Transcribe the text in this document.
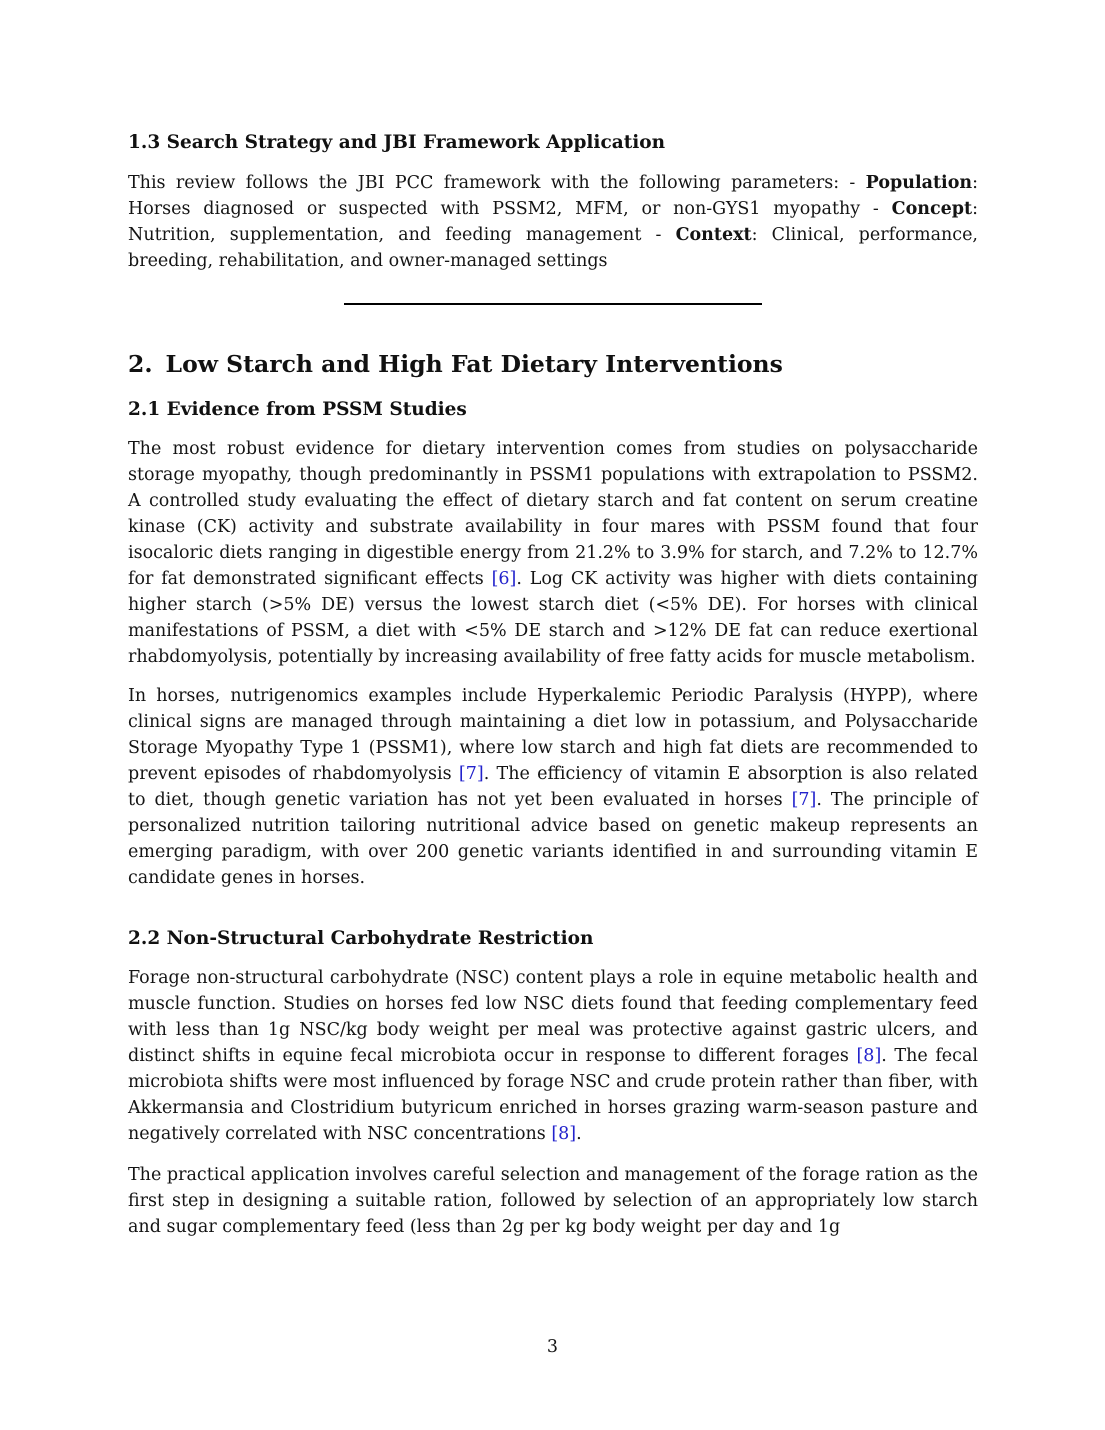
1.3 Search Strategy and JBI Framework Application

This review follows the JBI PCC framework with the following parameters: - Population: Horses diagnosed or suspected with PSSM2, MFM, or non-GYS1 myopathy - Concept: Nutrition, supplementation, and feeding management - Context: Clinical, performance, breeding, rehabilitation, and owner-managed settings

2. Low Starch and High Fat Dietary Interventions
2.1 Evidence from PSSM Studies

The most robust evidence for dietary intervention comes from studies on polysaccharide storage myopathy, though predominantly in PSSM1 populations with extrapolation to PSSM2. A controlled study evaluating the effect of dietary starch and fat content on serum creatine kinase (CK) activity and substrate availability in four mares with PSSM found that four isocaloric diets ranging in digestible energy from 21.2% to 3.9% for starch, and 7.2% to 12.7% for fat demonstrated significant effects [6]. Log CK activity was higher with diets containing higher starch (>5% DE) versus the lowest starch diet (<5% DE). For horses with clinical manifestations of PSSM, a diet with <5% DE starch and >12% DE fat can reduce exertional rhabdomyolysis, potentially by increasing availability of free fatty acids for muscle metabolism.

In horses, nutrigenomics examples include Hyperkalemic Periodic Paralysis (HYPP), where clinical signs are managed through maintaining a diet low in potassium, and Polysaccharide Storage Myopathy Type 1 (PSSM1), where low starch and high fat diets are recommended to prevent episodes of rhabdomyolysis [7]. The efficiency of vitamin E absorption is also related to diet, though genetic variation has not yet been evaluated in horses [7]. The principle of personalized nutrition tailoring nutritional advice based on genetic makeup represents an emerging paradigm, with over 200 genetic variants identified in and surrounding vitamin E candidate genes in horses.

2.2 Non-Structural Carbohydrate Restriction

Forage non-structural carbohydrate (NSC) content plays a role in equine metabolic health and muscle function. Studies on horses fed low NSC diets found that feeding complementary feed with less than 1g NSC/kg body weight per meal was protective against gastric ulcers, and distinct shifts in equine fecal microbiota occur in response to different forages [8]. The fecal microbiota shifts were most influenced by forage NSC and crude protein rather than fiber, with Akkermansia and Clostridium butyricum enriched in horses grazing warm-season pasture and negatively correlated with NSC concentrations [8].

The practical application involves careful selection and management of the forage ration as the first step in designing a suitable ration, followed by selection of an appropriately low starch and sugar complementary feed (less than 2g per kg body weight per day and 1g

3
